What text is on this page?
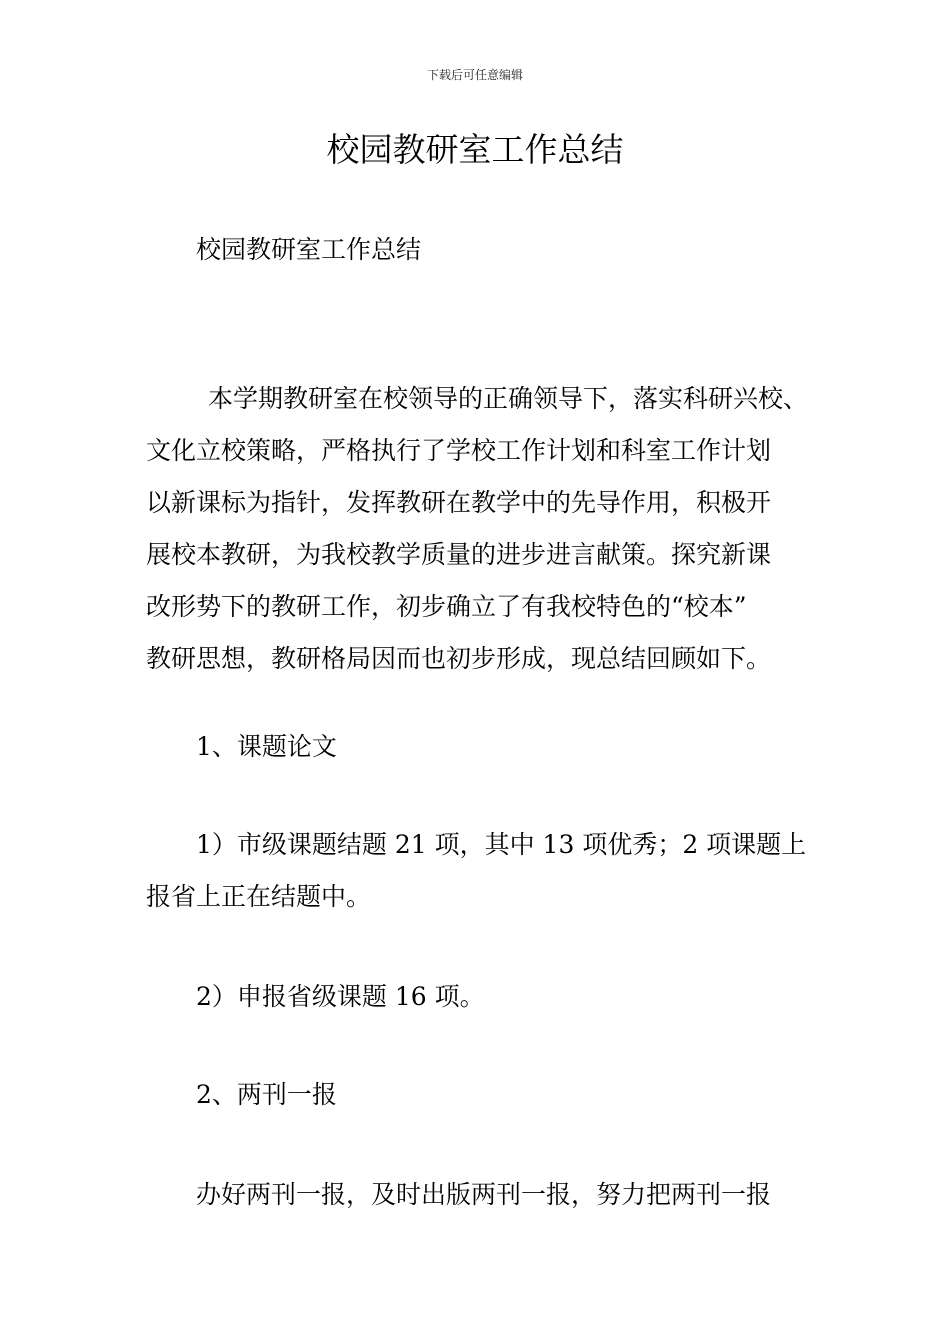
下载后可任意编辑
校园教研室工作总结

校园教研室工作总结

本学期教研室在校领导的正确领导下，落实科研兴校、
文化立校策略，严格执行了学校工作计划和科室工作计划
以新课标为指针，发挥教研在教学中的先导作用，积极开
展校本教研，为我校教学质量的进步进言献策。探究新课
改形势下的教研工作，初步确立了有我校特色的“校本”
教研思想，教研格局因而也初步形成，现总结回顾如下。

1、课题论文

1）市级课题结题 21 项，其中 13 项优秀；2 项课题上
报省上正在结题中。

2）申报省级课题 16 项。

2、两刊一报

办好两刊一报，及时出版两刊一报，努力把两刊一报
